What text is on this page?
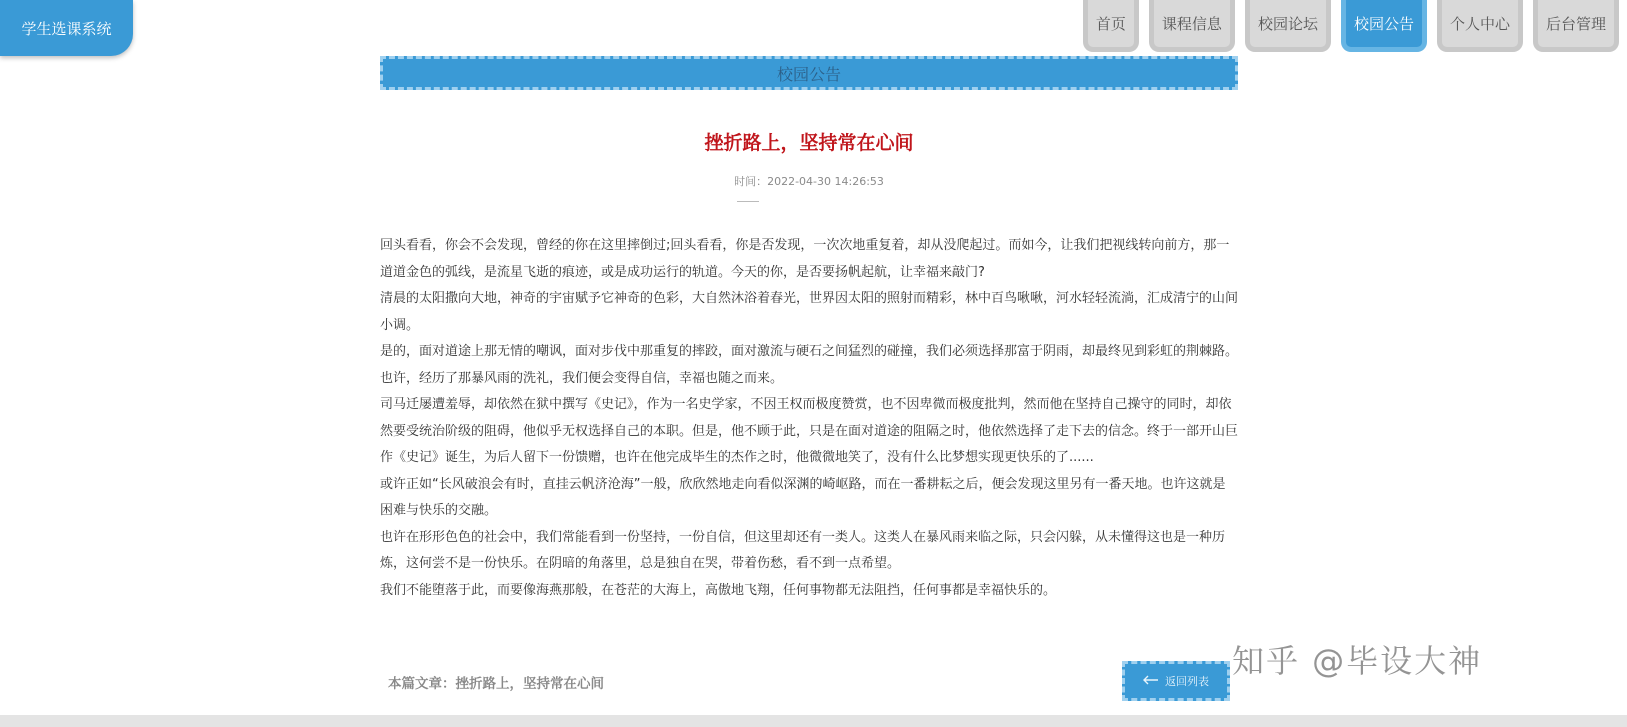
学生选课系统	首页 课程信息 校园论坛 校园公告 个人中心 后台管理
校园公告
挫折路上，坚持常在心间
时间：2022-04-30 14:26:53

回头看看，你会不会发现，曾经的你在这里摔倒过;回头看看，你是否发现，一次次地重复着，却从没爬起过。而如今，让我们把视线转向前方，那一道道金色的弧线，是流星飞逝的痕迹，或是成功运行的轨道。今天的你，是否要扬帆起航，让幸福来敲门?

清晨的太阳撒向大地，神奇的宇宙赋予它神奇的色彩，大自然沐浴着春光，世界因太阳的照射而精彩，林中百鸟啾啾，河水轻轻流淌，汇成清宁的山间小调。

是的，面对道途上那无情的嘲讽，面对步伐中那重复的摔跤，面对激流与硬石之间猛烈的碰撞，我们必须选择那富于阴雨，却最终见到彩虹的荆棘路。也许，经历了那暴风雨的洗礼，我们便会变得自信，幸福也随之而来。

司马迁屡遭羞辱，却依然在狱中撰写《史记》，作为一名史学家，不因王权而极度赞赏，也不因卑微而极度批判，然而他在坚持自己操守的同时，却依然要受统治阶级的阻碍，他似乎无权选择自己的本职。但是，他不顾于此，只是在面对道途的阻隔之时，他依然选择了走下去的信念。终于一部开山巨作《史记》诞生，为后人留下一份馈赠，也许在他完成毕生的杰作之时，他微微地笑了，没有什么比梦想实现更快乐的了......

或许正如“长风破浪会有时，直挂云帆济沧海”一般，欣欣然地走向看似深渊的崎岖路，而在一番耕耘之后，便会发现这里另有一番天地。也许这就是困难与快乐的交融。

也许在形形色色的社会中，我们常能看到一份坚持，一份自信，但这里却还有一类人。这类人在暴风雨来临之际，只会闪躲，从未懂得这也是一种历炼，这何尝不是一份快乐。在阴暗的角落里，总是独自在哭，带着伤愁，看不到一点希望。

我们不能堕落于此，而要像海燕那般，在苍茫的大海上，高傲地飞翔，任何事物都无法阻挡，任何事都是幸福快乐的。

本篇文章：挫折路上，坚持常在心间	返回列表
知乎 @毕设大神
